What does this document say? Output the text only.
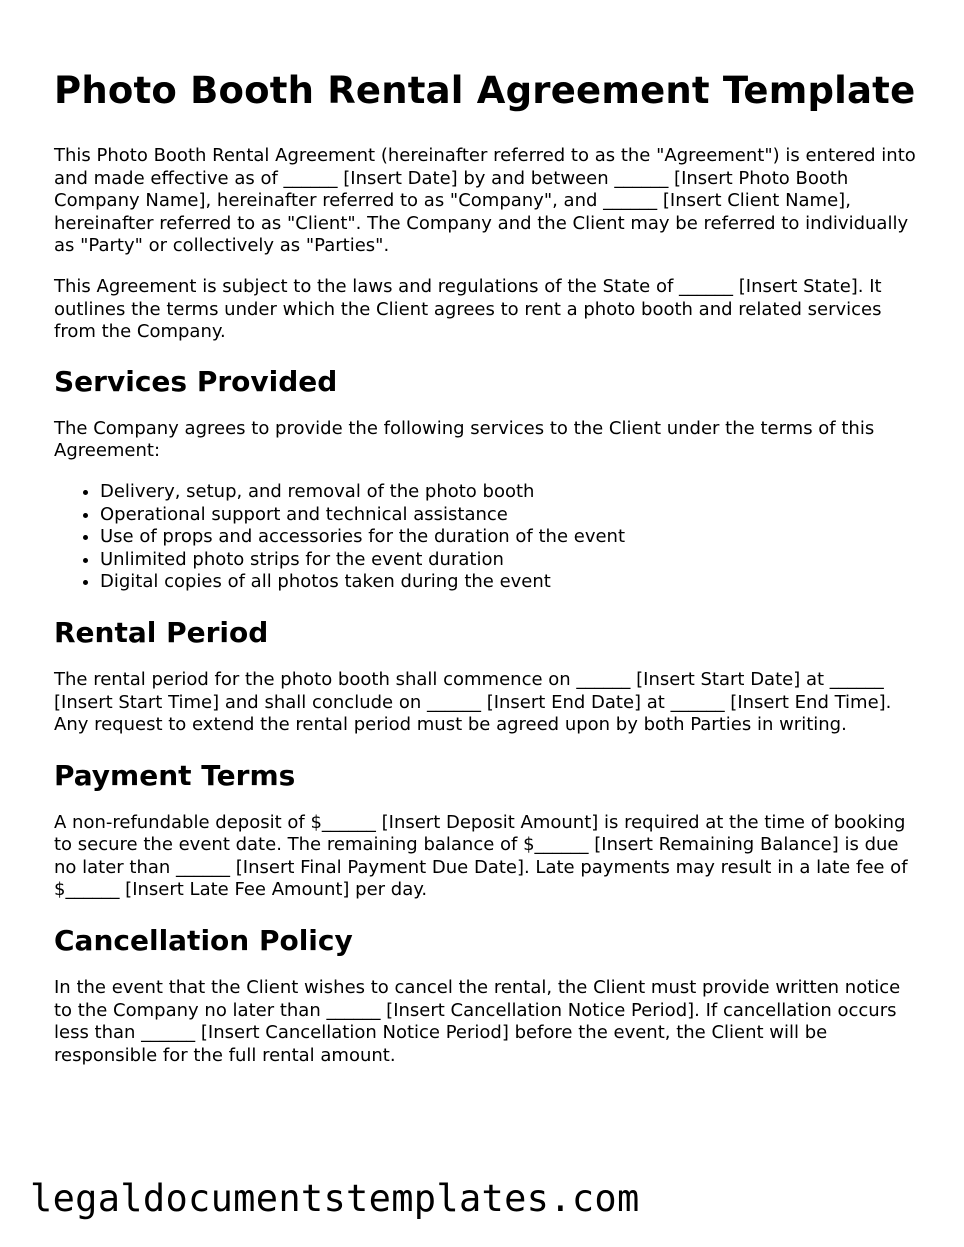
Photo Booth Rental Agreement Template

This Photo Booth Rental Agreement (hereinafter referred to as the "Agreement") is entered into and made effective as of ______ [Insert Date] by and between ______ [Insert Photo Booth Company Name], hereinafter referred to as "Company", and ______ [Insert Client Name], hereinafter referred to as "Client". The Company and the Client may be referred to individually as "Party" or collectively as "Parties".

This Agreement is subject to the laws and regulations of the State of ______ [Insert State]. It outlines the terms under which the Client agrees to rent a photo booth and related services from the Company.

Services Provided

The Company agrees to provide the following services to the Client under the terms of this Agreement:

• Delivery, setup, and removal of the photo booth
• Operational support and technical assistance
• Use of props and accessories for the duration of the event
• Unlimited photo strips for the event duration
• Digital copies of all photos taken during the event
Rental Period

The rental period for the photo booth shall commence on ______ [Insert Start Date] at ______ [Insert Start Time] and shall conclude on ______ [Insert End Date] at ______ [Insert End Time]. Any request to extend the rental period must be agreed upon by both Parties in writing.

Payment Terms

A non-refundable deposit of $______ [Insert Deposit Amount] is required at the time of booking to secure the event date. The remaining balance of $______ [Insert Remaining Balance] is due no later than ______ [Insert Final Payment Due Date]. Late payments may result in a late fee of $______ [Insert Late Fee Amount] per day.

Cancellation Policy

In the event that the Client wishes to cancel the rental, the Client must provide written notice to the Company no later than ______ [Insert Cancellation Notice Period]. If cancellation occurs less than ______ [Insert Cancellation Notice Period] before the event, the Client will be responsible for the full rental amount.

legaldocumentstemplates.com
